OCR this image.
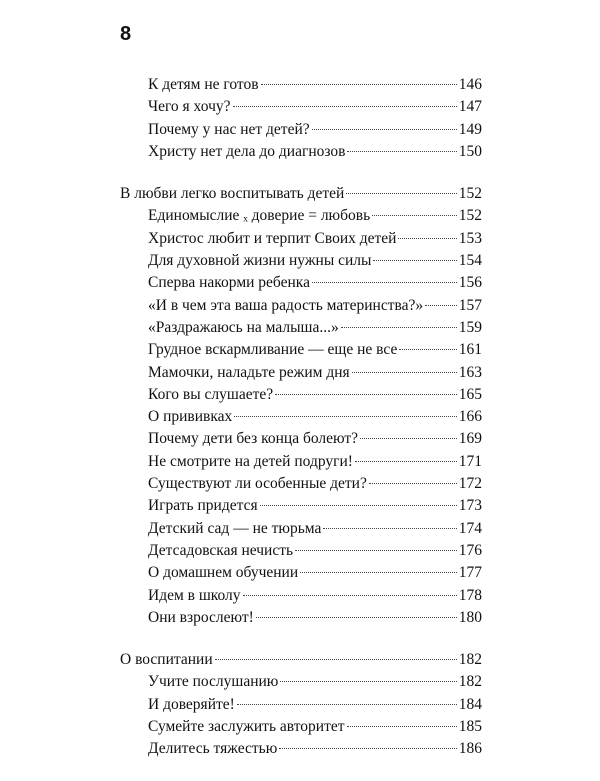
8
К детям не готов	146
Чего я хочу?	147
Почему у нас нет детей?	149
Христу нет дела до диагнозов	150
В любви легко воспитывать детей	152
Единомыслие ₓ доверие = любовь	152
Христос любит и терпит Своих детей	153
Для духовной жизни нужны силы	154
Сперва накорми ребенка	156
«И в чем эта ваша радость материнства?» 157
«Раздражаюсь на малыша...»	159
Грудное вскармливание — еще не все	161
Мамочки, наладьте режим дня	163
Кого вы слушаете?	165
О прививках	166
Почему дети без конца болеют?	169
Не смотрите на детей подруги!	171
Существуют ли особенные дети?	172
Играть придется	173
Детский сад — не тюрьма	174
Детсадовская нечисть	176
О домашнем обучении	177
Идем в школу	178
Они взрослеют!	180
О воспитании	182
Учите послушанию	182
И доверяйте!	184
Сумейте заслужить авторитет	185
Делитесь тяжестью	186
